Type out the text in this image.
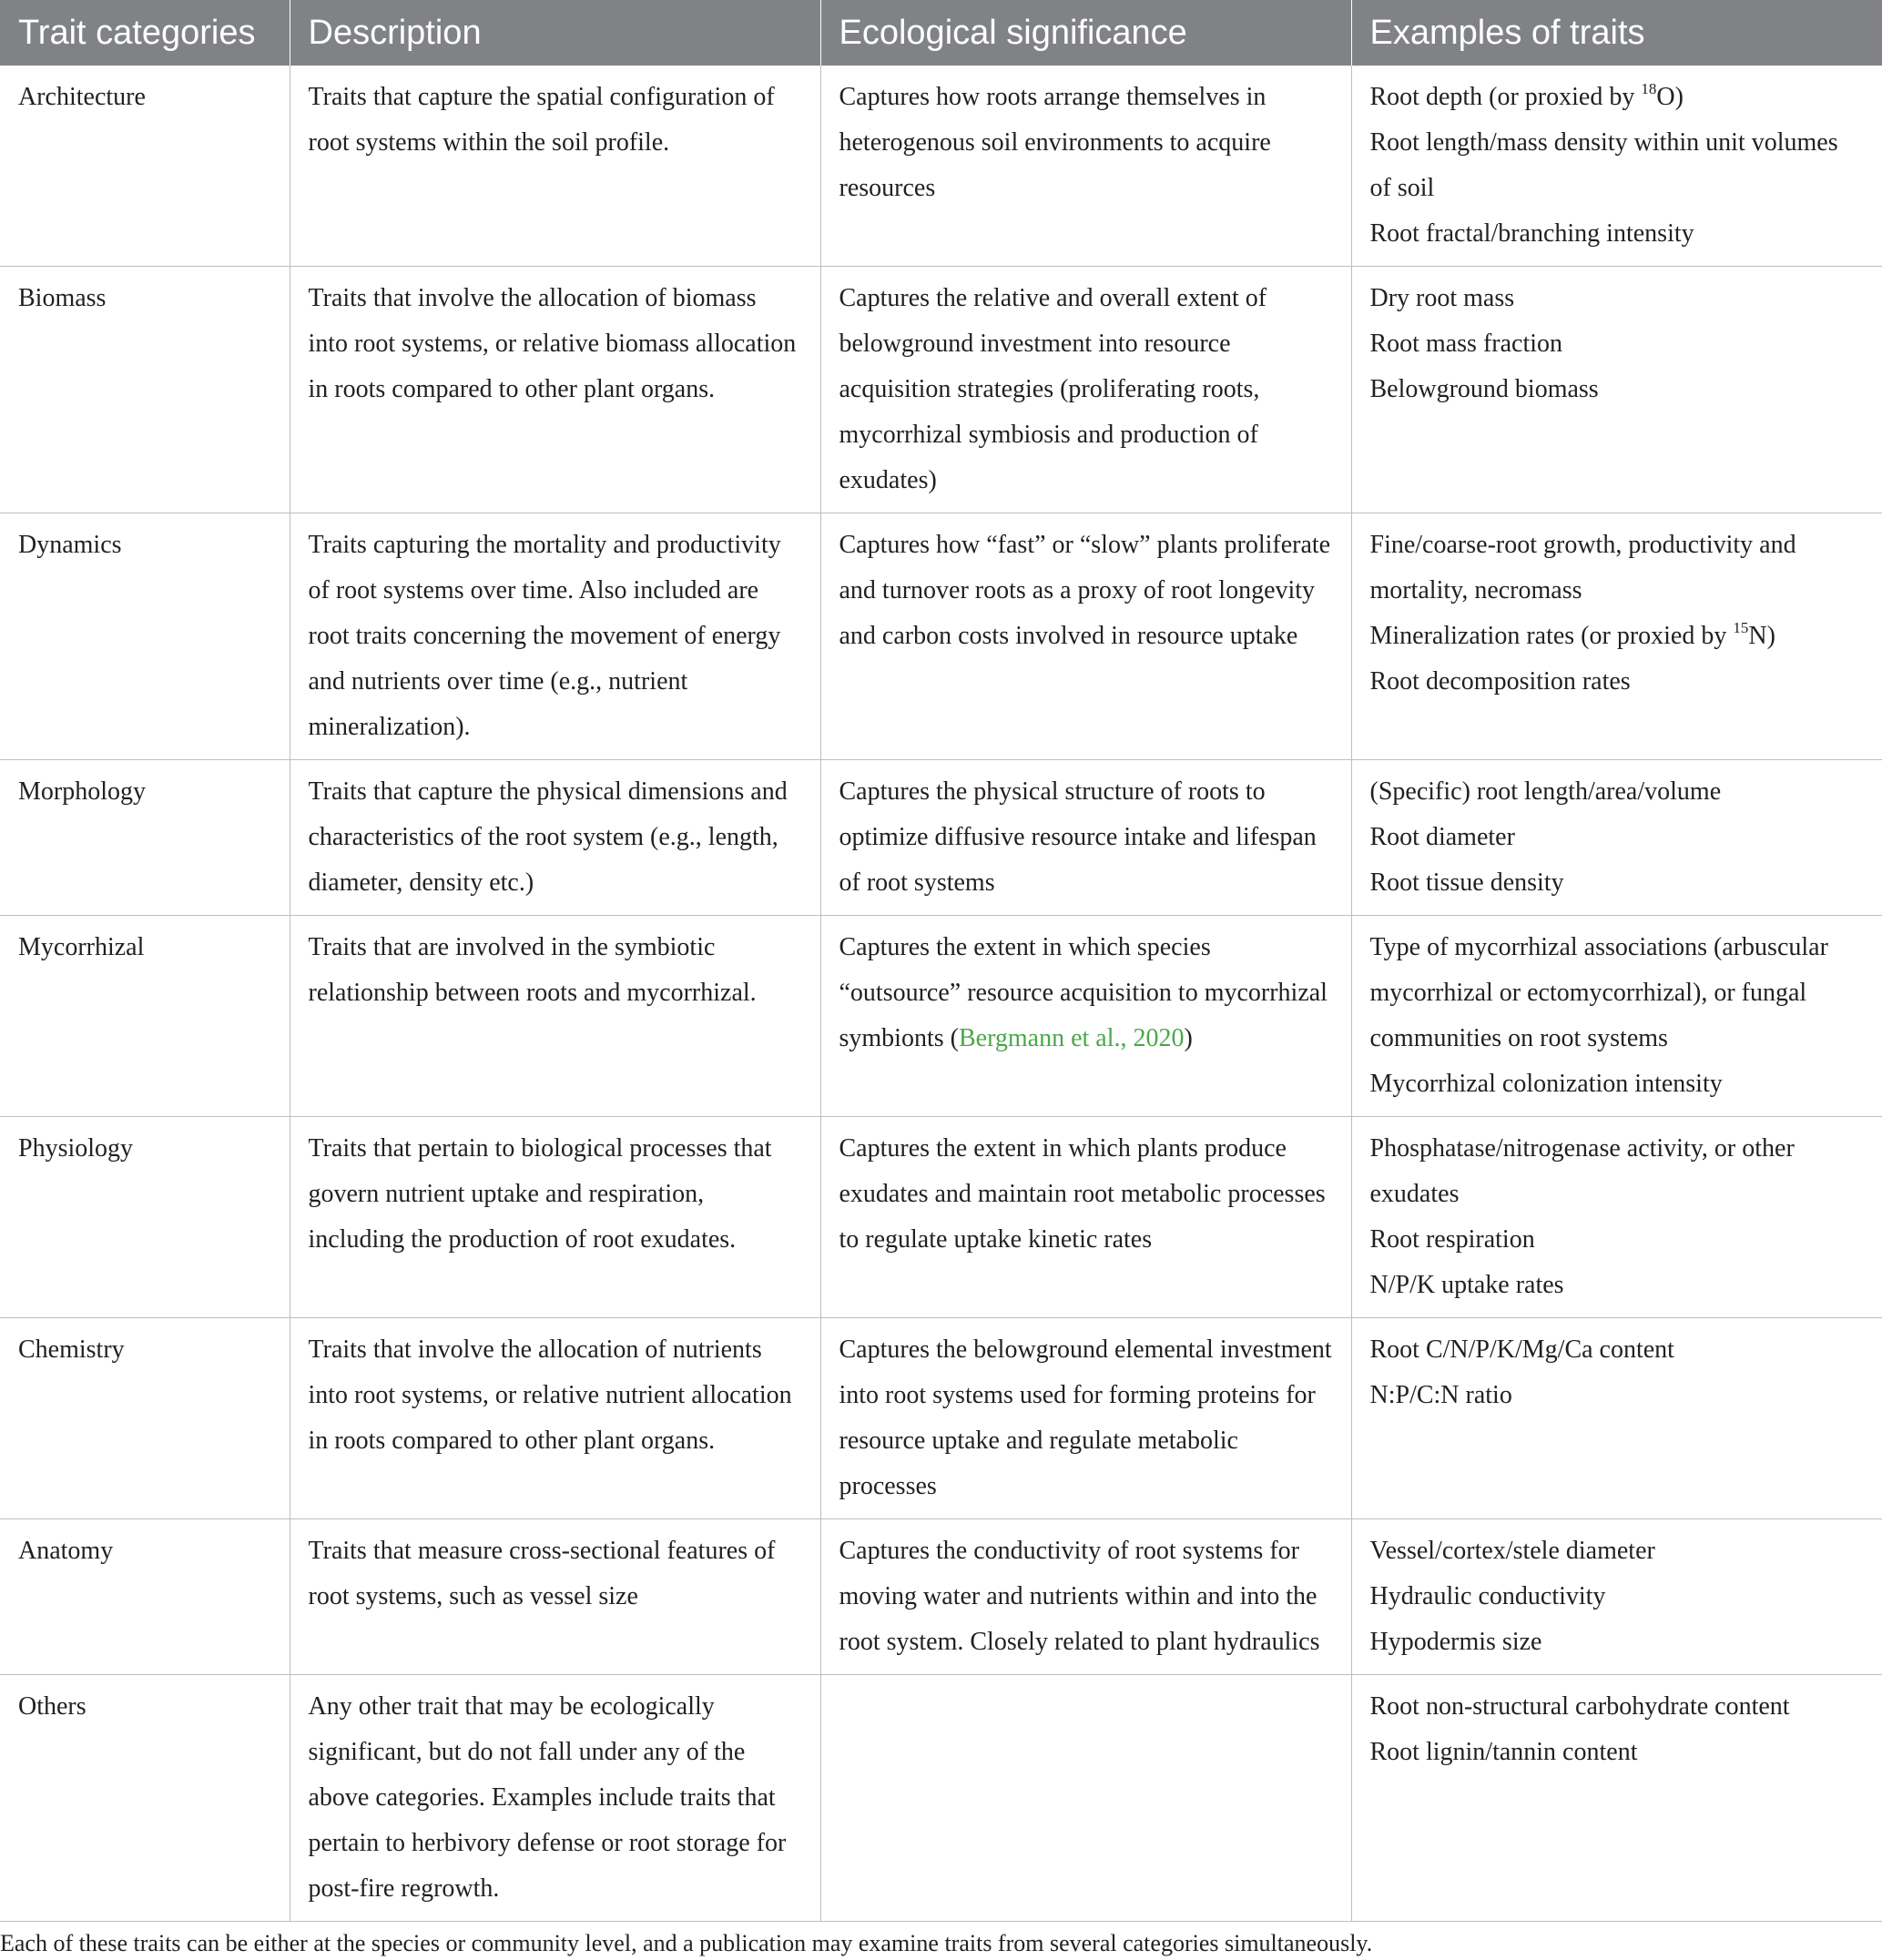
Trait categories	Description	Ecological significance	Examples of traits
Architecture	Traits that capture the spatial configuration of root systems within the soil profile.	Captures how roots arrange themselves in heterogenous soil environments to acquire resources	Root depth (or proxied by $^{18}$O)
Root length/mass density within unit volumes of soil
Root fractal/branching intensity

Biomass	Traits that involve the allocation of biomass into root systems, or relative biomass allocation in roots compared to other plant organs.	Captures the relative and overall extent of belowground investment into resource acquisition strategies (proliferating roots, mycorrhizal symbiosis and production of exudates)	Dry root mass
Root mass fraction
Belowground biomass

Dynamics	Traits capturing the mortality and productivity of root systems over time. Also included are root traits concerning the movement of energy and nutrients over time (e.g., nutrient mineralization).	Captures how “fast” or “slow” plants proliferate and turnover roots as a proxy of root longevity and carbon costs involved in resource uptake	Fine/coarse-root growth, productivity and mortality, necromass
Mineralization rates (or proxied by $^{15}$N)
Root decomposition rates

Morphology	Traits that capture the physical dimensions and characteristics of the root system (e.g., length, diameter, density etc.)	Captures the physical structure of roots to optimize diffusive resource intake and lifespan of root systems	(Specific) root length/area/volume
Root diameter
Root tissue density

Mycorrhizal	Traits that are involved in the symbiotic relationship between roots and mycorrhizal.	Captures the extent in which species “outsource” resource acquisition to mycorrhizal symbionts (Bergmann et al., 2020)	Type of mycorrhizal associations (arbuscular mycorrhizal or ectomycorrhizal), or fungal communities on root systems
Mycorrhizal colonization intensity

Physiology	Traits that pertain to biological processes that govern nutrient uptake and respiration, including the production of root exudates.	Captures the extent in which plants produce exudates and maintain root metabolic processes to regulate uptake kinetic rates	Phosphatase/nitrogenase activity, or other exudates
Root respiration
N/P/K uptake rates

Chemistry	Traits that involve the allocation of nutrients into root systems, or relative nutrient allocation in roots compared to other plant organs.	Captures the belowground elemental investment into root systems used for forming proteins for resource uptake and regulate metabolic processes	Root C/N/P/K/Mg/Ca content
N:P/C:N ratio

Anatomy	Traits that measure cross-sectional features of root systems, such as vessel size	Captures the conductivity of root systems for moving water and nutrients within and into the root system. Closely related to plant hydraulics	Vessel/cortex/stele diameter
Hydraulic conductivity
Hypodermis size

Others	Any other trait that may be ecologically significant, but do not fall under any of the above categories. Examples include traits that pertain to herbivory defense or root storage for post-fire regrowth.		Root non-structural carbohydrate content
Root lignin/tannin content
Each of these traits can be either at the species or community level, and a publication may examine traits from several categories simultaneously.
